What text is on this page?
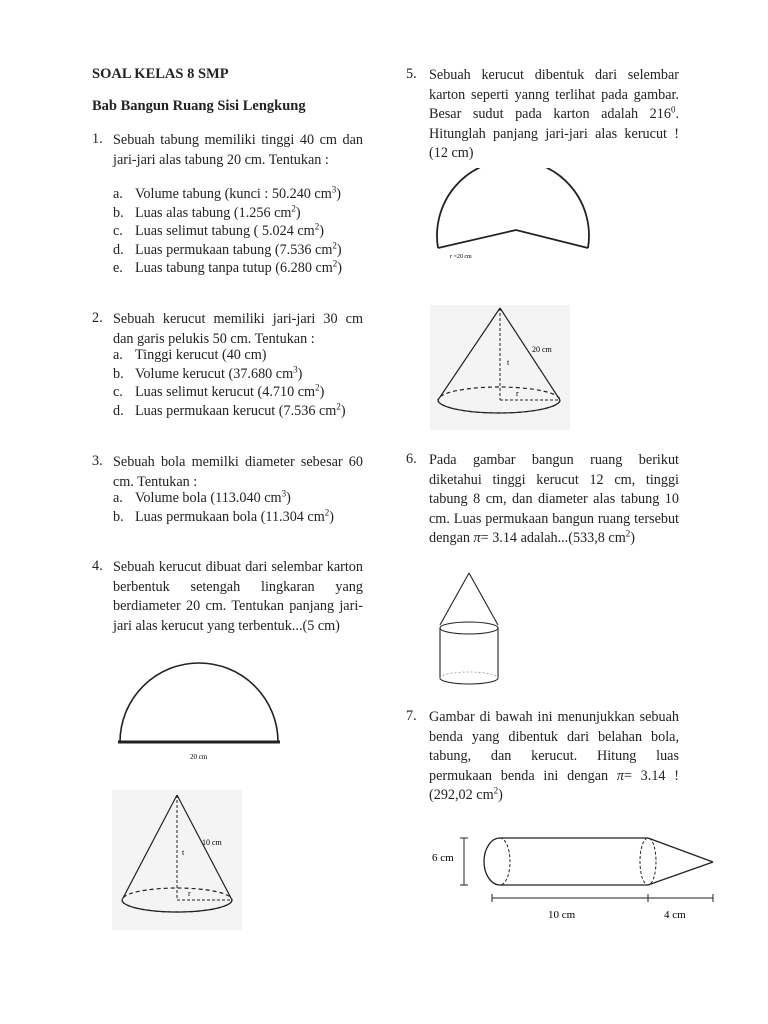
SOAL KELAS 8 SMP
Bab Bangun Ruang Sisi Lengkung
1. Sebuah tabung memiliki tinggi 40 cm dan jari-jari alas tabung 20 cm. Tentukan :
a. Volume tabung (kunci : 50.240 $cm^3$)
b. Luas alas tabung (1.256 $cm^2$)
c. Luas selimut tabung ( 5.024 $cm^2$)
d. Luas permukaan tabung (7.536 $cm^2$)
e. Luas tabung tanpa tutup (6.280 $cm^2$)
2. Sebuah kerucut memiliki jari-jari 30 cm dan garis pelukis 50 cm. Tentukan :
a. Tinggi kerucut (40 cm)
b. Volume kerucut (37.680 $cm^3$)
c. Luas selimut kerucut (4.710 $cm^2$)
d. Luas permukaan kerucut (7.536 $cm^2$)
3. Sebuah bola memilki diameter sebesar 60 cm. Tentukan :
a. Volume bola (113.040 $cm^3$)
b. Luas permukaan bola (11.304 $cm^2$)
4. Sebuah kerucut dibuat dari selembar karton berbentuk setengah lingkaran yang berdiameter 20 cm. Tentukan panjang jari-jari alas kerucut yang terbentuk...(5 cm)
20 cm
10 cm
t
r
5. Sebuah kerucut dibentuk dari selembar karton seperti yanng terlihat pada gambar. Besar sudut pada karton adalah $216^0$. Hitunglah panjang jari-jari alas kerucut ! (12 cm)
r =20 cm
20 cm
t
r
6. Pada gambar bangun ruang berikut diketahui tinggi kerucut 12 cm, tinggi tabung 8 cm, dan diameter alas tabung 10 cm. Luas permukaan bangun ruang tersebut dengan π= 3.14 adalah...(533,8 $cm^2$)
7. Gambar di bawah ini menunjukkan sebuah benda yang dibentuk dari belahan bola, tabung, dan kerucut. Hitung luas permukaan benda ini dengan π= 3.14 ! (292,02 $cm^2$)
6 cm
10 cm	4 cm
